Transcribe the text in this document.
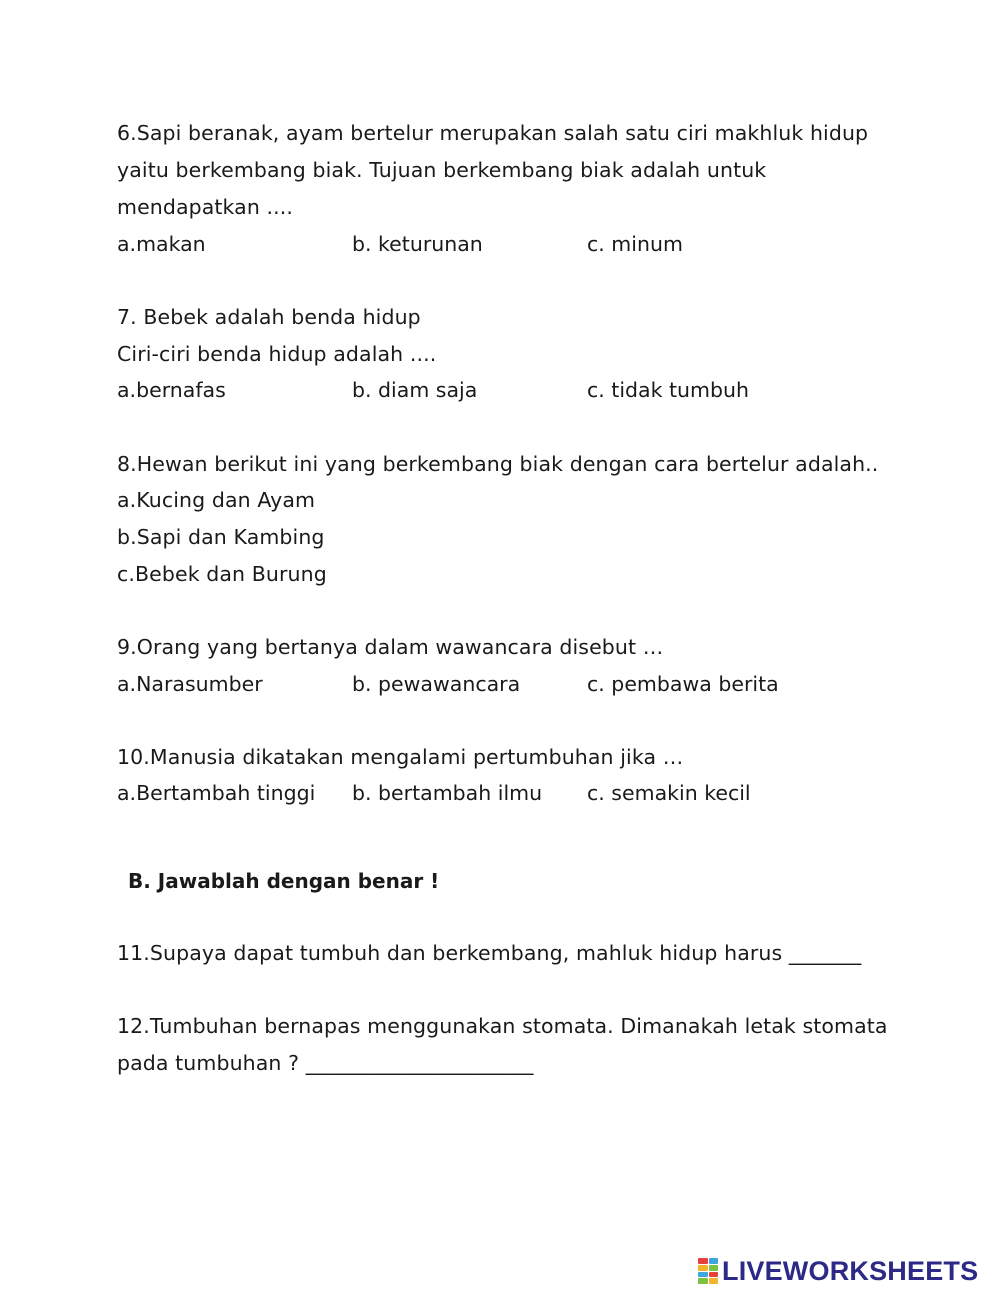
6.Sapi beranak, ayam bertelur merupakan salah satu ciri makhluk hidup
yaitu berkembang biak. Tujuan berkembang biak adalah untuk
mendapatkan ....
a.makan	b. keturunan	c. minum
7. Bebek adalah benda hidup
Ciri-ciri benda hidup adalah ....
a.bernafas	b. diam saja	c. tidak tumbuh
8.Hewan berikut ini yang berkembang biak dengan cara bertelur adalah..
a.Kucing dan Ayam
b.Sapi dan Kambing
c.Bebek dan Burung
9.Orang yang bertanya dalam wawancara disebut …
a.Narasumber	b. pewawancara	c. pembawa berita
10.Manusia dikatakan mengalami pertumbuhan jika …
a.Bertambah tinggi b. bertambah ilmu c. semakin kecil
B. Jawablah dengan benar !
11.Supaya dapat tumbuh dan berkembang, mahluk hidup harus _______
12.Tumbuhan bernapas menggunakan stomata. Dimanakah letak stomata
pada tumbuhan ? ______________________
LIVEWORKSHEETS
